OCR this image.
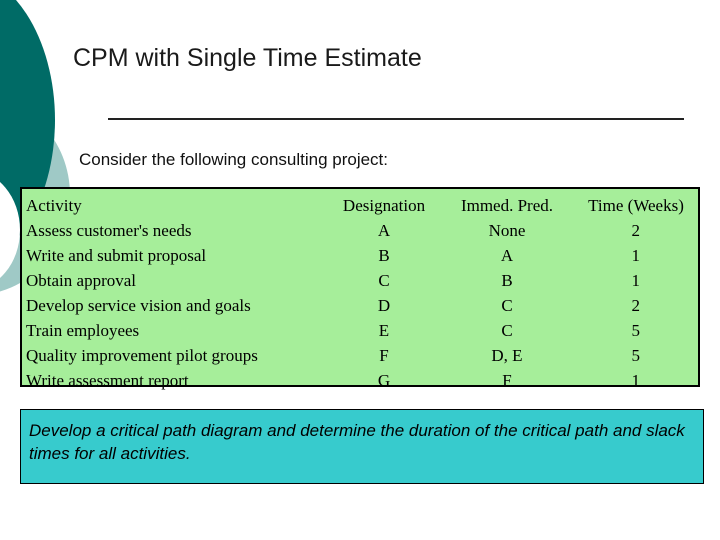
CPM with Single Time Estimate
Consider the following consulting project:
Activity	Designation	Immed. Pred.	Time (Weeks)
Assess customer's needs	A	None	2
Write and submit proposal	B	A	1
Obtain approval	C	B	1
Develop service vision and goals	D	C	2
Train employees	E	C	5
Quality improvement pilot groups	F	D, E	5
Write assessment report	G	F	1
Develop a critical path diagram and determine the duration of the critical path and slack times for all activities.
